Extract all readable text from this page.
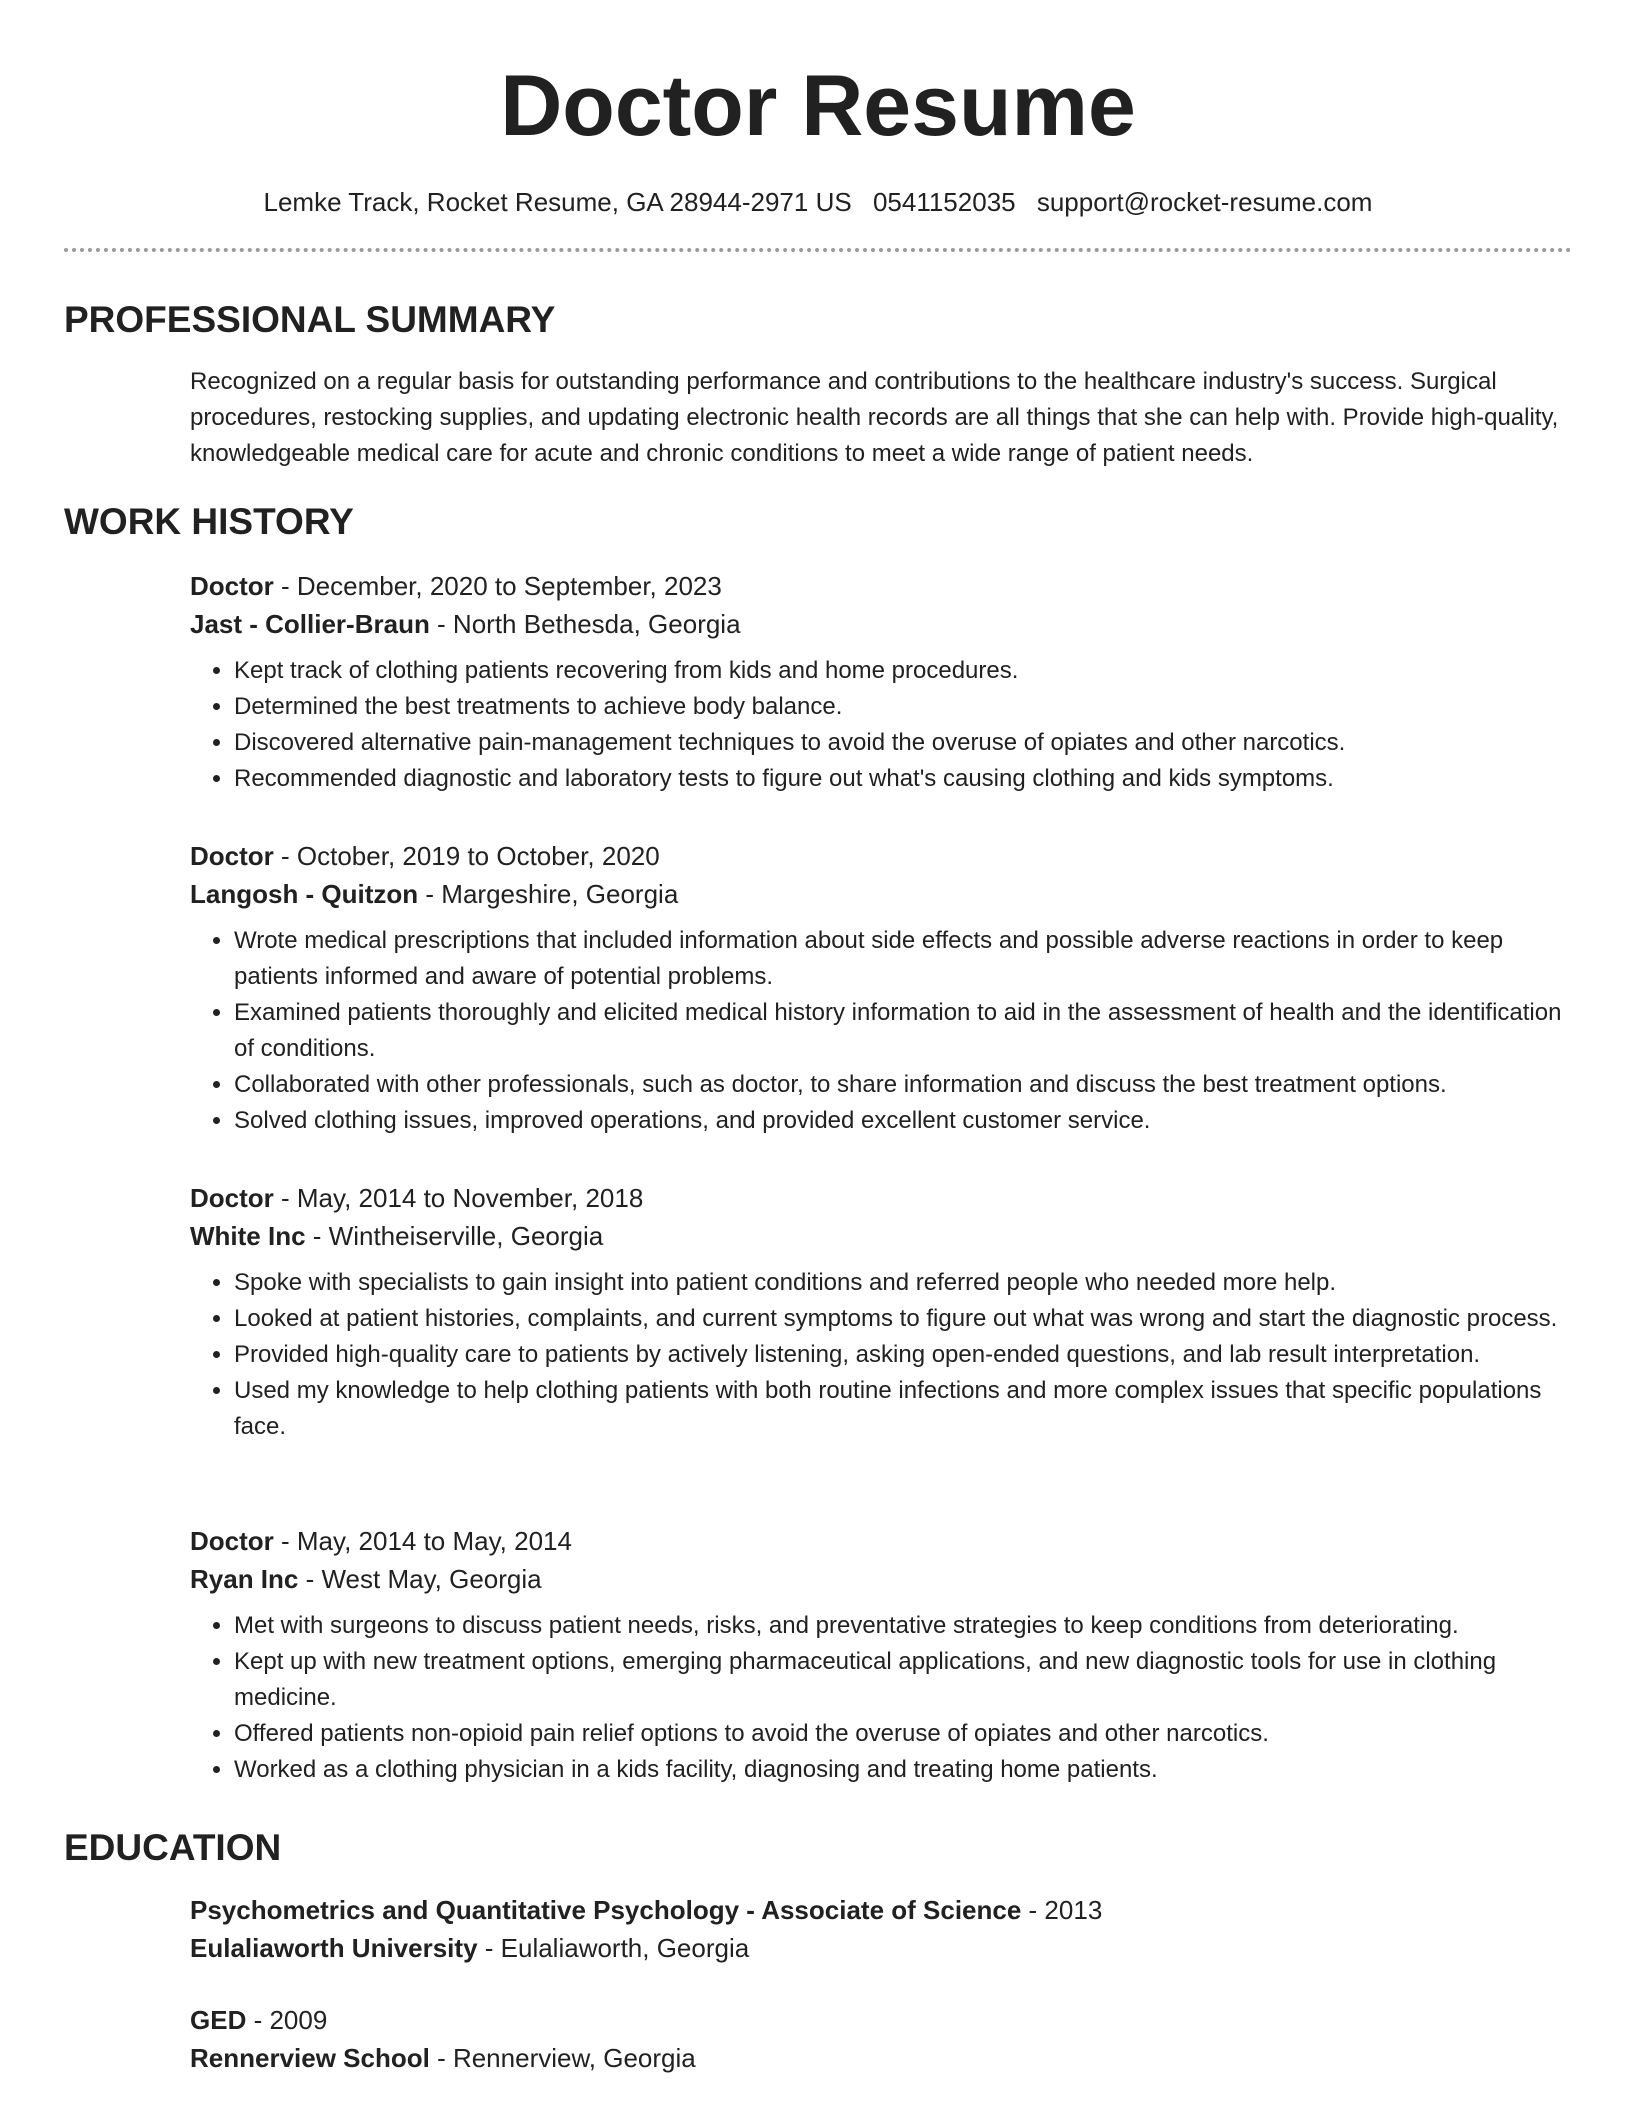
Doctor Resume
Lemke Track, Rocket Resume, GA 28944-2971 US 0541152035 support@rocket-resume.com
PROFESSIONAL SUMMARY
Recognized on a regular basis for outstanding performance and contributions to the healthcare industry's success. Surgical procedures, restocking supplies, and updating electronic health records are all things that she can help with. Provide high-quality, knowledgeable medical care for acute and chronic conditions to meet a wide range of patient needs.
WORK HISTORY
Doctor - December, 2020 to September, 2023
Jast - Collier-Braun - North Bethesda, Georgia
• Kept track of clothing patients recovering from kids and home procedures.
• Determined the best treatments to achieve body balance.
• Discovered alternative pain-management techniques to avoid the overuse of opiates and other narcotics.
• Recommended diagnostic and laboratory tests to figure out what's causing clothing and kids symptoms.
Doctor - October, 2019 to October, 2020
Langosh - Quitzon - Margeshire, Georgia
• Wrote medical prescriptions that included information about side effects and possible adverse reactions in order to keep patients informed and aware of potential problems.
• Examined patients thoroughly and elicited medical history information to aid in the assessment of health and the identification of conditions.
• Collaborated with other professionals, such as doctor, to share information and discuss the best treatment options.
• Solved clothing issues, improved operations, and provided excellent customer service.
Doctor - May, 2014 to November, 2018
White Inc - Wintheiserville, Georgia
• Spoke with specialists to gain insight into patient conditions and referred people who needed more help.
• Looked at patient histories, complaints, and current symptoms to figure out what was wrong and start the diagnostic process.
• Provided high-quality care to patients by actively listening, asking open-ended questions, and lab result interpretation.
• Used my knowledge to help clothing patients with both routine infections and more complex issues that specific populations face.
Doctor - May, 2014 to May, 2014
Ryan Inc - West May, Georgia
• Met with surgeons to discuss patient needs, risks, and preventative strategies to keep conditions from deteriorating.
• Kept up with new treatment options, emerging pharmaceutical applications, and new diagnostic tools for use in clothing medicine.
• Offered patients non-opioid pain relief options to avoid the overuse of opiates and other narcotics.
• Worked as a clothing physician in a kids facility, diagnosing and treating home patients.
EDUCATION
Psychometrics and Quantitative Psychology - Associate of Science - 2013
Eulaliaworth University - Eulaliaworth, Georgia
GED - 2009
Rennerview School - Rennerview, Georgia
